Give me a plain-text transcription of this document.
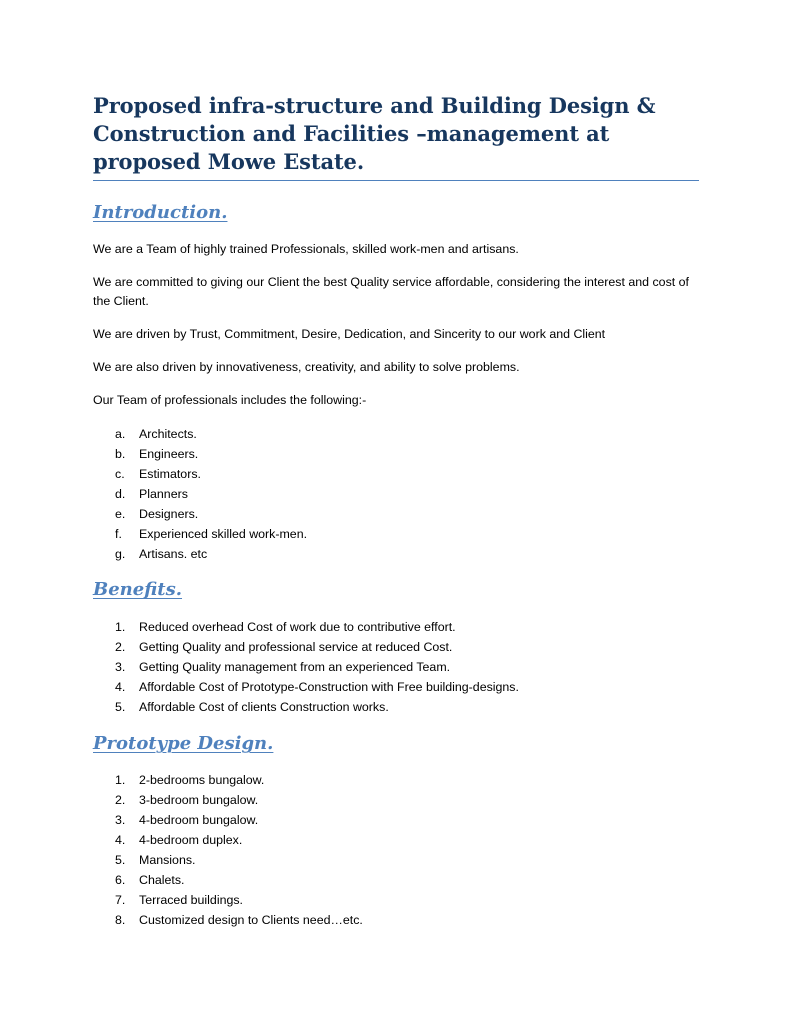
Proposed infra-structure and Building Design & Construction and Facilities –management at proposed Mowe Estate.
Introduction.

We are a Team of highly trained Professionals, skilled work-men and artisans.

We are committed to giving our Client the best Quality service affordable, considering the interest and cost of the Client.

We are driven by Trust, Commitment, Desire, Dedication, and Sincerity to our work and Client

We are also driven by innovativeness, creativity, and ability to solve problems.

Our Team of professionals includes the following:-

a. Architects.
b. Engineers.
c. Estimators.
d. Planners
e. Designers.
f. Experienced skilled work-men.
g. Artisans. etc
Benefits.
1. Reduced overhead Cost of work due to contributive effort.
2. Getting Quality and professional service at reduced Cost.
3. Getting Quality management from an experienced Team.
4. Affordable Cost of Prototype-Construction with Free building-designs.
5. Affordable Cost of clients Construction works.
Prototype Design.
1. 2-bedrooms bungalow.
2. 3-bedroom bungalow.
3. 4-bedroom bungalow.
4. 4-bedroom duplex.
5. Mansions.
6. Chalets.
7. Terraced buildings.
8. Customized design to Clients need…etc.
